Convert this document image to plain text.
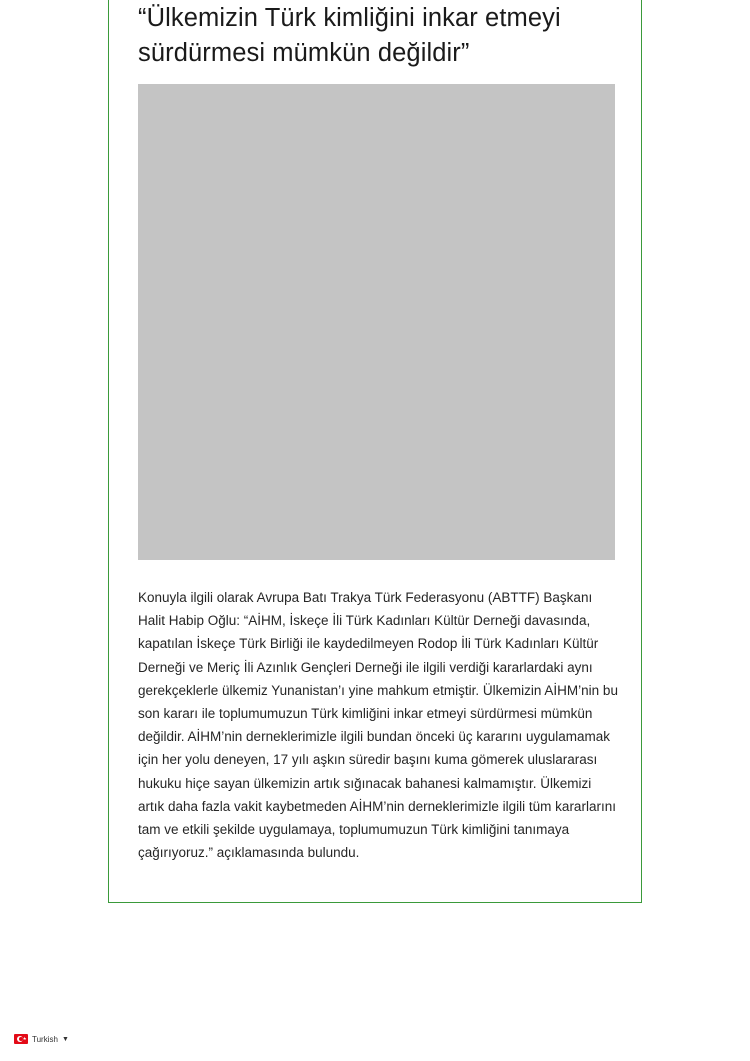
“Ülkemizin Türk kimliğini inkar etmeyi sürdürmesi mümkün değildir”

Konuyla ilgili olarak Avrupa Batı Trakya Türk Federasyonu (ABTTF) Başkanı Halit Habip Oğlu: “AİHM, İskeçe İli Türk Kadınları Kültür Derneği davasında, kapatılan İskeçe Türk Birliği ile kaydedilmeyen Rodop İli Türk Kadınları Kültür Derneği ve Meriç İli Azınlık Gençleri Derneği ile ilgili verdiği kararlardaki aynı gerekçeklerle ülkemiz Yunanistan’ı yine mahkum etmiştir. Ülkemizin AİHM’nin bu son kararı ile toplumumuzun Türk kimliğini inkar etmeyi sürdürmesi mümkün değildir. AİHM’nin derneklerimizle ilgili bundan önceki üç kararını uygulamamak için her yolu deneyen, 17 yılı aşkın süredir başını kuma gömerek uluslararası hukuku hiçe sayan ülkemizin artık sığınacak bahanesi kalmamıştır. Ülkemizi artık daha fazla vakit kaybetmeden AİHM’nin derneklerimizle ilgili tüm kararlarını tam ve etkili şekilde uygulamaya, toplumumuzun Türk kimliğini tanımaya çağırıyoruz.” açıklamasında bulundu.

★ Turkish ▼
